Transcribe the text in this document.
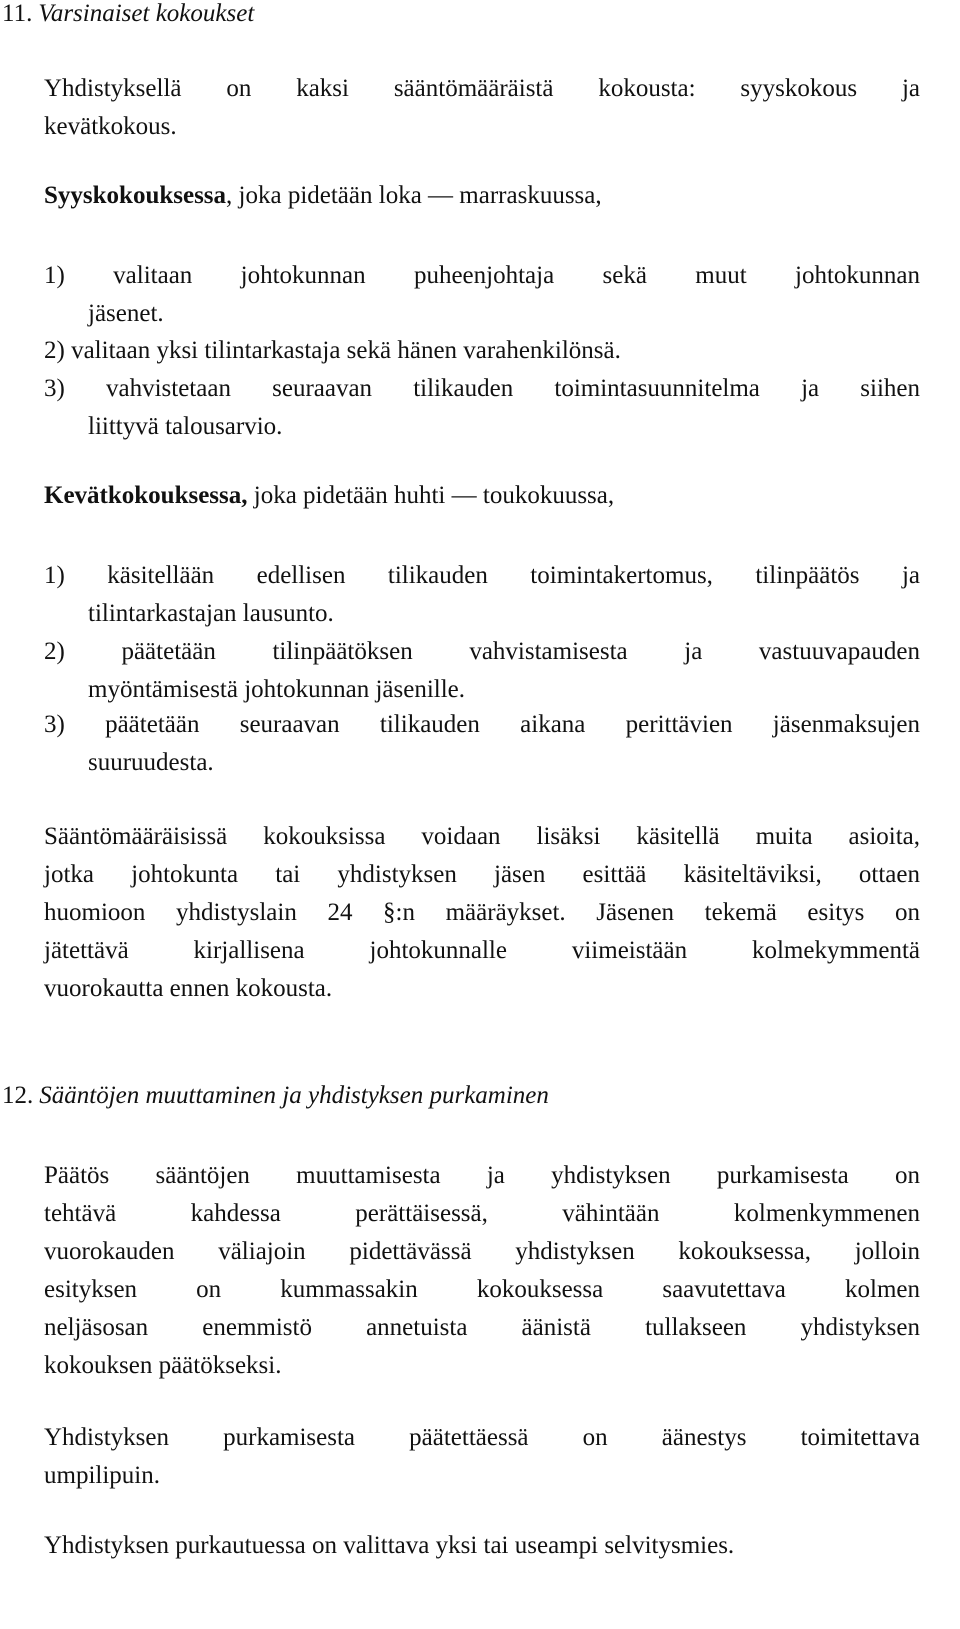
11. Varsinaiset kokoukset
Yhdistyksellä on kaksi sääntömääräistä kokousta: syyskokous ja
kevätkokous.
Syyskokouksessa, joka pidetään loka — marraskuussa,
1) valitaan johtokunnan puheenjohtaja sekä muut johtokunnan
jäsenet.
2) valitaan yksi tilintarkastaja sekä hänen varahenkilönsä.
3) vahvistetaan seuraavan tilikauden toimintasuunnitelma ja siihen
liittyvä talousarvio.
Kevätkokouksessa, joka pidetään huhti — toukokuussa,
1) käsitellään edellisen tilikauden toimintakertomus, tilinpäätös ja
tilintarkastajan lausunto.
2) päätetään tilinpäätöksen vahvistamisesta ja vastuuvapauden
myöntämisestä johtokunnan jäsenille.
3) päätetään seuraavan tilikauden aikana perittävien jäsenmaksujen
suuruudesta.
Sääntömääräisissä kokouksissa voidaan lisäksi käsitellä muita asioita,
jotka johtokunta tai yhdistyksen jäsen esittää käsiteltäviksi, ottaen
huomioon yhdistyslain 24 §:n määräykset. Jäsenen tekemä esitys on
jätettävä kirjallisena johtokunnalle viimeistään kolmekymmentä
vuorokautta ennen kokousta.
12. Sääntöjen muuttaminen ja yhdistyksen purkaminen
Päätös sääntöjen muuttamisesta ja yhdistyksen purkamisesta on
tehtävä kahdessa perättäisessä, vähintään kolmenkymmenen
vuorokauden väliajoin pidettävässä yhdistyksen kokouksessa, jolloin
esityksen on kummassakin kokouksessa saavutettava kolmen
neljäsosan enemmistö annetuista äänistä tullakseen yhdistyksen
kokouksen päätökseksi.
Yhdistyksen purkamisesta päätettäessä on äänestys toimitettava
umpilipuin.
Yhdistyksen purkautuessa on valittava yksi tai useampi selvitysmies.
